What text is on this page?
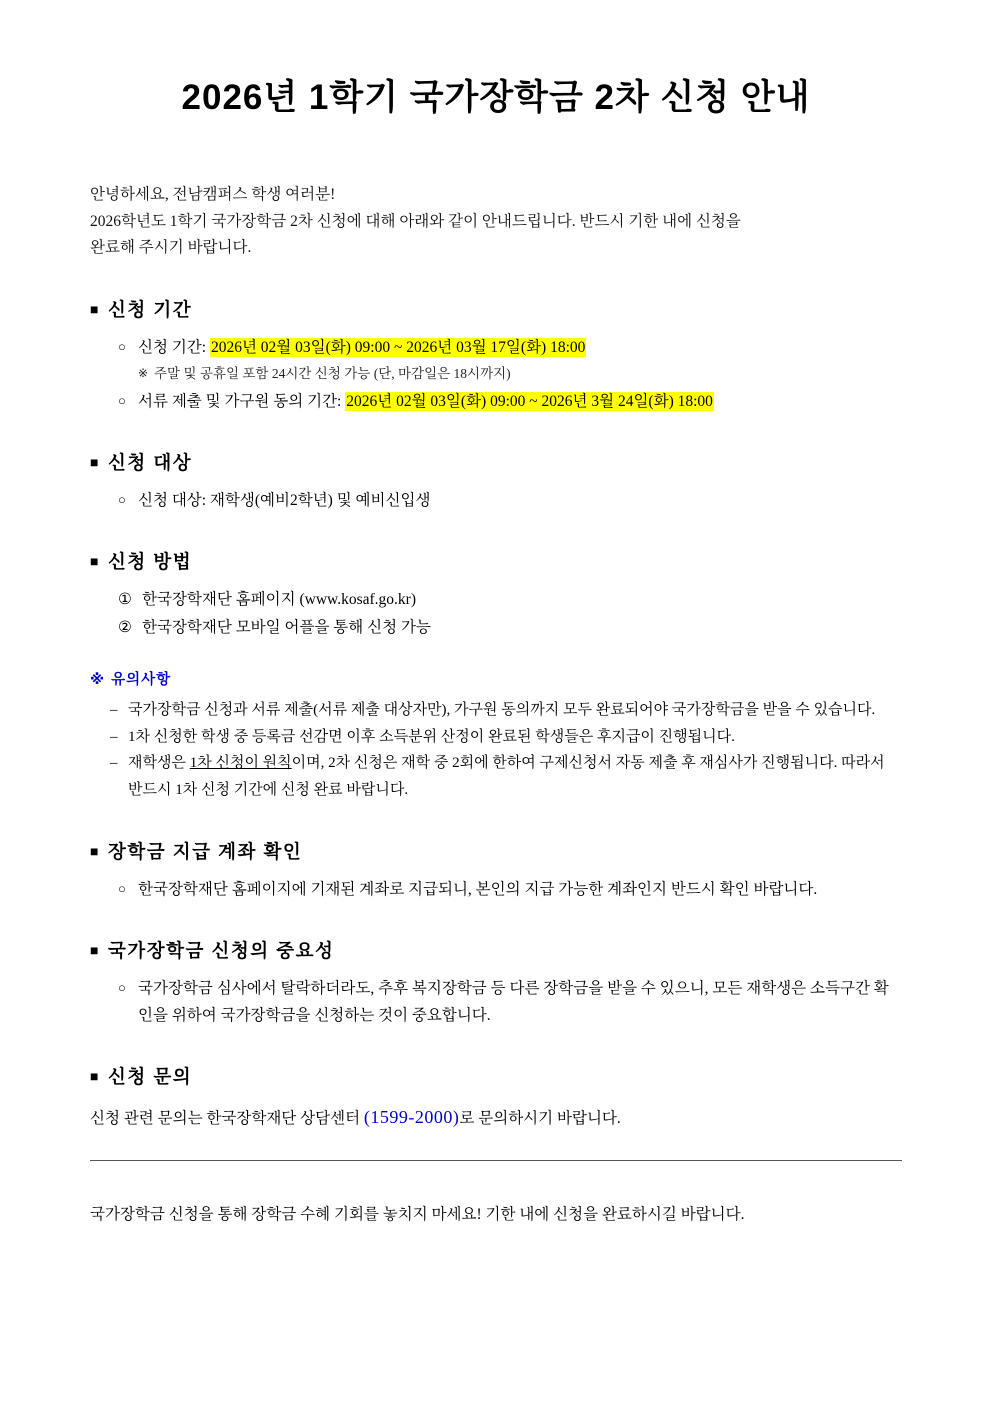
2026년 1학기 국가장학금 2차 신청 안내

안녕하세요, 전남캠퍼스 학생 여러분!

2026학년도 1학기 국가장학금 2차 신청에 대해 아래와 같이 안내드립니다. 반드시 기한 내에 신청을

완료해 주시기 바랍니다.

■ 신청 기간
○ 신청 기간: 2026년 02월 03일(화) 09:00 ~ 2026년 03월 17일(화) 18:00
※ 주말 및 공휴일 포함 24시간 신청 가능 (단, 마감일은 18시까지)
○ 서류 제출 및 가구원 동의 기간: 2026년 02월 03일(화) 09:00 ~ 2026년 3월 24일(화) 18:00
■ 신청 대상
○ 신청 대상: 재학생(예비2학년) 및 예비신입생
■ 신청 방법
① 한국장학재단 홈페이지 (www.kosaf.go.kr)
② 한국장학재단 모바일 어플을 통해 신청 가능
※ 유의사항
– 국가장학금 신청과 서류 제출(서류 제출 대상자만), 가구원 동의까지 모두 완료되어야 국가장학금을 받을 수 있습니다.
– 1차 신청한 학생 중 등록금 선감면 이후 소득분위 산정이 완료된 학생들은 후지급이 진행됩니다.
– 재학생은 1차 신청이 원칙이며, 2차 신청은 재학 중 2회에 한하여 구제신청서 자동 제출 후 재심사가 진행됩니다. 따라서 반드시 1차 신청 기간에 신청 완료 바랍니다.
■ 장학금 지급 계좌 확인
○ 한국장학재단 홈페이지에 기재된 계좌로 지급되니, 본인의 지급 가능한 계좌인지 반드시 확인 바랍니다.
■ 국가장학금 신청의 중요성
○ 국가장학금 심사에서 탈락하더라도, 추후 복지장학금 등 다른 장학금을 받을 수 있으니, 모든 재학생은 소득구간 확인을 위하여 국가장학금을 신청하는 것이 중요합니다.
■ 신청 문의
신청 관련 문의는 한국장학재단 상담센터 (1599-2000)로 문의하시기 바랍니다.
국가장학금 신청을 통해 장학금 수혜 기회를 놓치지 마세요! 기한 내에 신청을 완료하시길 바랍니다.
